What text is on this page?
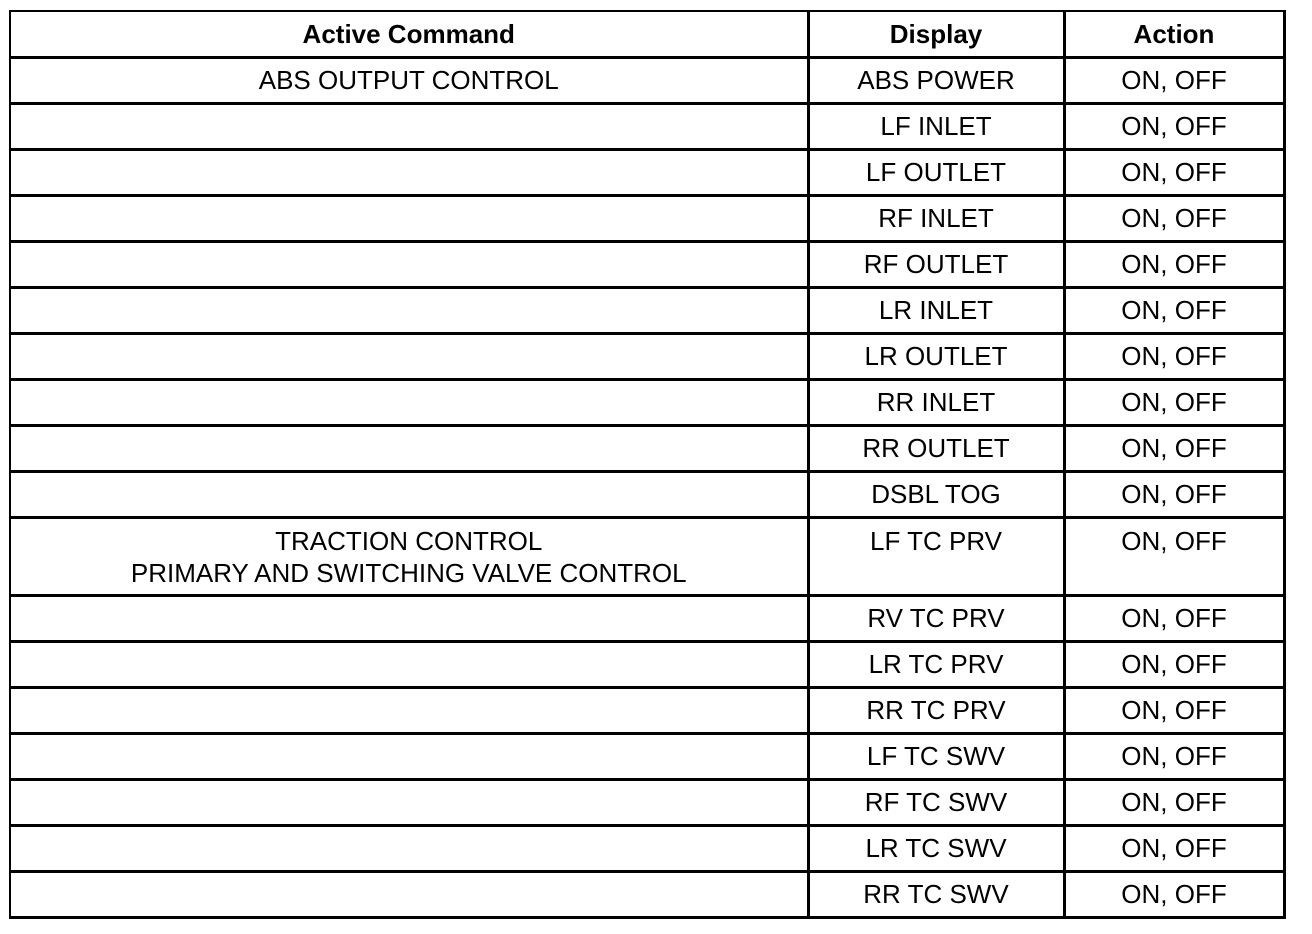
Active Command	Display	Action

ABS OUTPUT CONTROL	ABS POWER	ON, OFF
	LF INLET	ON, OFF
	LF OUTLET	ON, OFF
	RF INLET	ON, OFF
	RF OUTLET	ON, OFF
	LR INLET	ON, OFF
	LR OUTLET	ON, OFF
	RR INLET	ON, OFF
	RR OUTLET	ON, OFF
	DSBL TOG	ON, OFF

TRACTION CONTROL
PRIMARY AND SWITCHING VALVE CONTROL	LF TC PRV	ON, OFF
	RV TC PRV	ON, OFF
	LR TC PRV	ON, OFF
	RR TC PRV	ON, OFF
	LF TC SWV	ON, OFF
	RF TC SWV	ON, OFF
	LR TC SWV	ON, OFF
	RR TC SWV	ON, OFF
